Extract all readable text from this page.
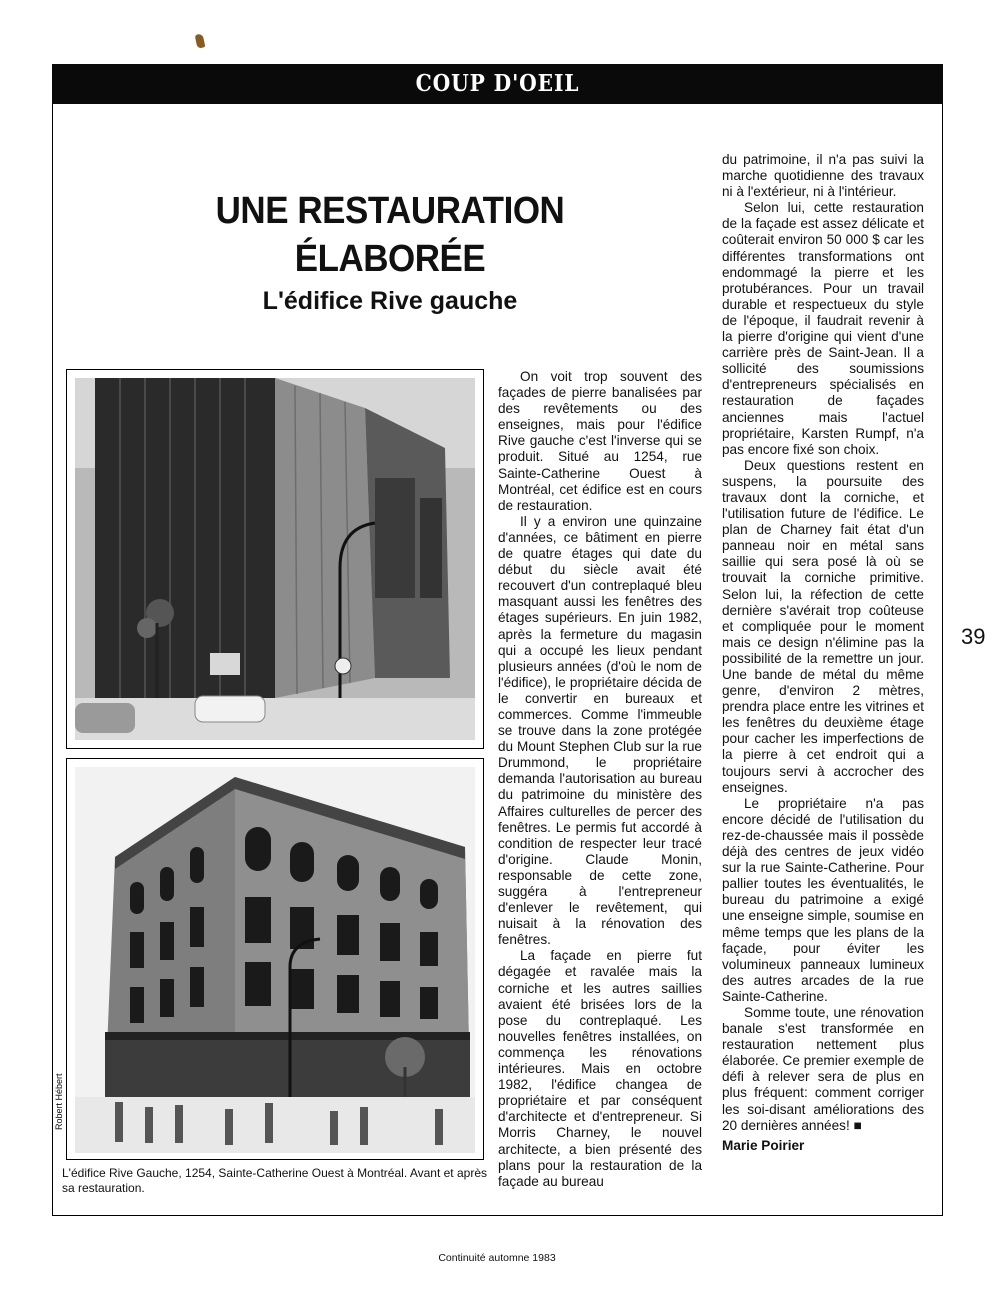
COUP D'OEIL
UNE RESTAURATION
ÉLABORÉE
L'édifice Rive gauche
Robert Hébert

L'édifice Rive Gauche, 1254, Sainte-Catherine Ouest à Montréal. Avant et après sa restauration.

On voit trop souvent des façades de pierre banalisées par des revêtements ou des enseignes, mais pour l'édifice Rive gauche c'est l'inverse qui se produit. Situé au 1254, rue Sainte-Catherine Ouest à Montréal, cet édifice est en cours de restauration.

Il y a environ une quinzaine d'années, ce bâtiment en pierre de quatre étages qui date du début du siècle avait été recouvert d'un contreplaqué bleu masquant aussi les fenêtres des étages supérieurs. En juin 1982, après la fermeture du magasin qui a occupé les lieux pendant plusieurs années (d'où le nom de l'édifice), le propriétaire décida de le convertir en bureaux et commerces. Comme l'immeuble se trouve dans la zone protégée du Mount Stephen Club sur la rue Drummond, le propriétaire demanda l'autorisation au bureau du patrimoine du ministère des Affaires culturelles de percer des fenêtres. Le permis fut accordé à condition de respecter leur tracé d'origine. Claude Monin, responsable de cette zone, suggéra à l'entrepreneur d'enlever le revêtement, qui nuisait à la rénovation des fenêtres.

La façade en pierre fut dégagée et ravalée mais la corniche et les autres saillies avaient été brisées lors de la pose du contreplaqué. Les nouvelles fenêtres installées, on commença les rénovations intérieures. Mais en octobre 1982, l'édifice changea de propriétaire et par conséquent d'architecte et d'entrepreneur. Si Morris Charney, le nouvel architecte, a bien présenté des plans pour la restauration de la façade au bureau

du patrimoine, il n'a pas suivi la marche quotidienne des travaux ni à l'extérieur, ni à l'intérieur.

Selon lui, cette restauration de la façade est assez délicate et coûterait environ 50 000 $ car les différentes transformations ont endommagé la pierre et les protubérances. Pour un travail durable et respectueux du style de l'époque, il faudrait revenir à la pierre d'origine qui vient d'une carrière près de Saint-Jean. Il a sollicité des soumissions d'entrepreneurs spécialisés en restauration de façades anciennes mais l'actuel propriétaire, Karsten Rumpf, n'a pas encore fixé son choix.

Deux questions restent en suspens, la poursuite des travaux dont la corniche, et l'utilisation future de l'édifice. Le plan de Charney fait état d'un panneau noir en métal sans saillie qui sera posé là où se trouvait la corniche primitive. Selon lui, la réfection de cette dernière s'avérait trop coûteuse et compliquée pour le moment mais ce design n'élimine pas la possibilité de la remettre un jour. Une bande de métal du même genre, d'environ 2 mètres, prendra place entre les vitrines et les fenêtres du deuxième étage pour cacher les imperfections de la pierre à cet endroit qui a toujours servi à accrocher des enseignes.

Le propriétaire n'a pas encore décidé de l'utilisation du rez-de-chaussée mais il possède déjà des centres de jeux vidéo sur la rue Sainte-Catherine. Pour pallier toutes les éventualités, le bureau du patrimoine a exigé une enseigne simple, soumise en même temps que les plans de la façade, pour éviter les volumineux panneaux lumineux des autres arcades de la rue Sainte-Catherine.

Somme toute, une rénovation banale s'est transformée en restauration nettement plus élaborée. Ce premier exemple de défi à relever sera de plus en plus fréquent: comment corriger les soi-disant améliorations des 20 dernières années! ■

Marie Poirier

39
Continuité automne 1983
